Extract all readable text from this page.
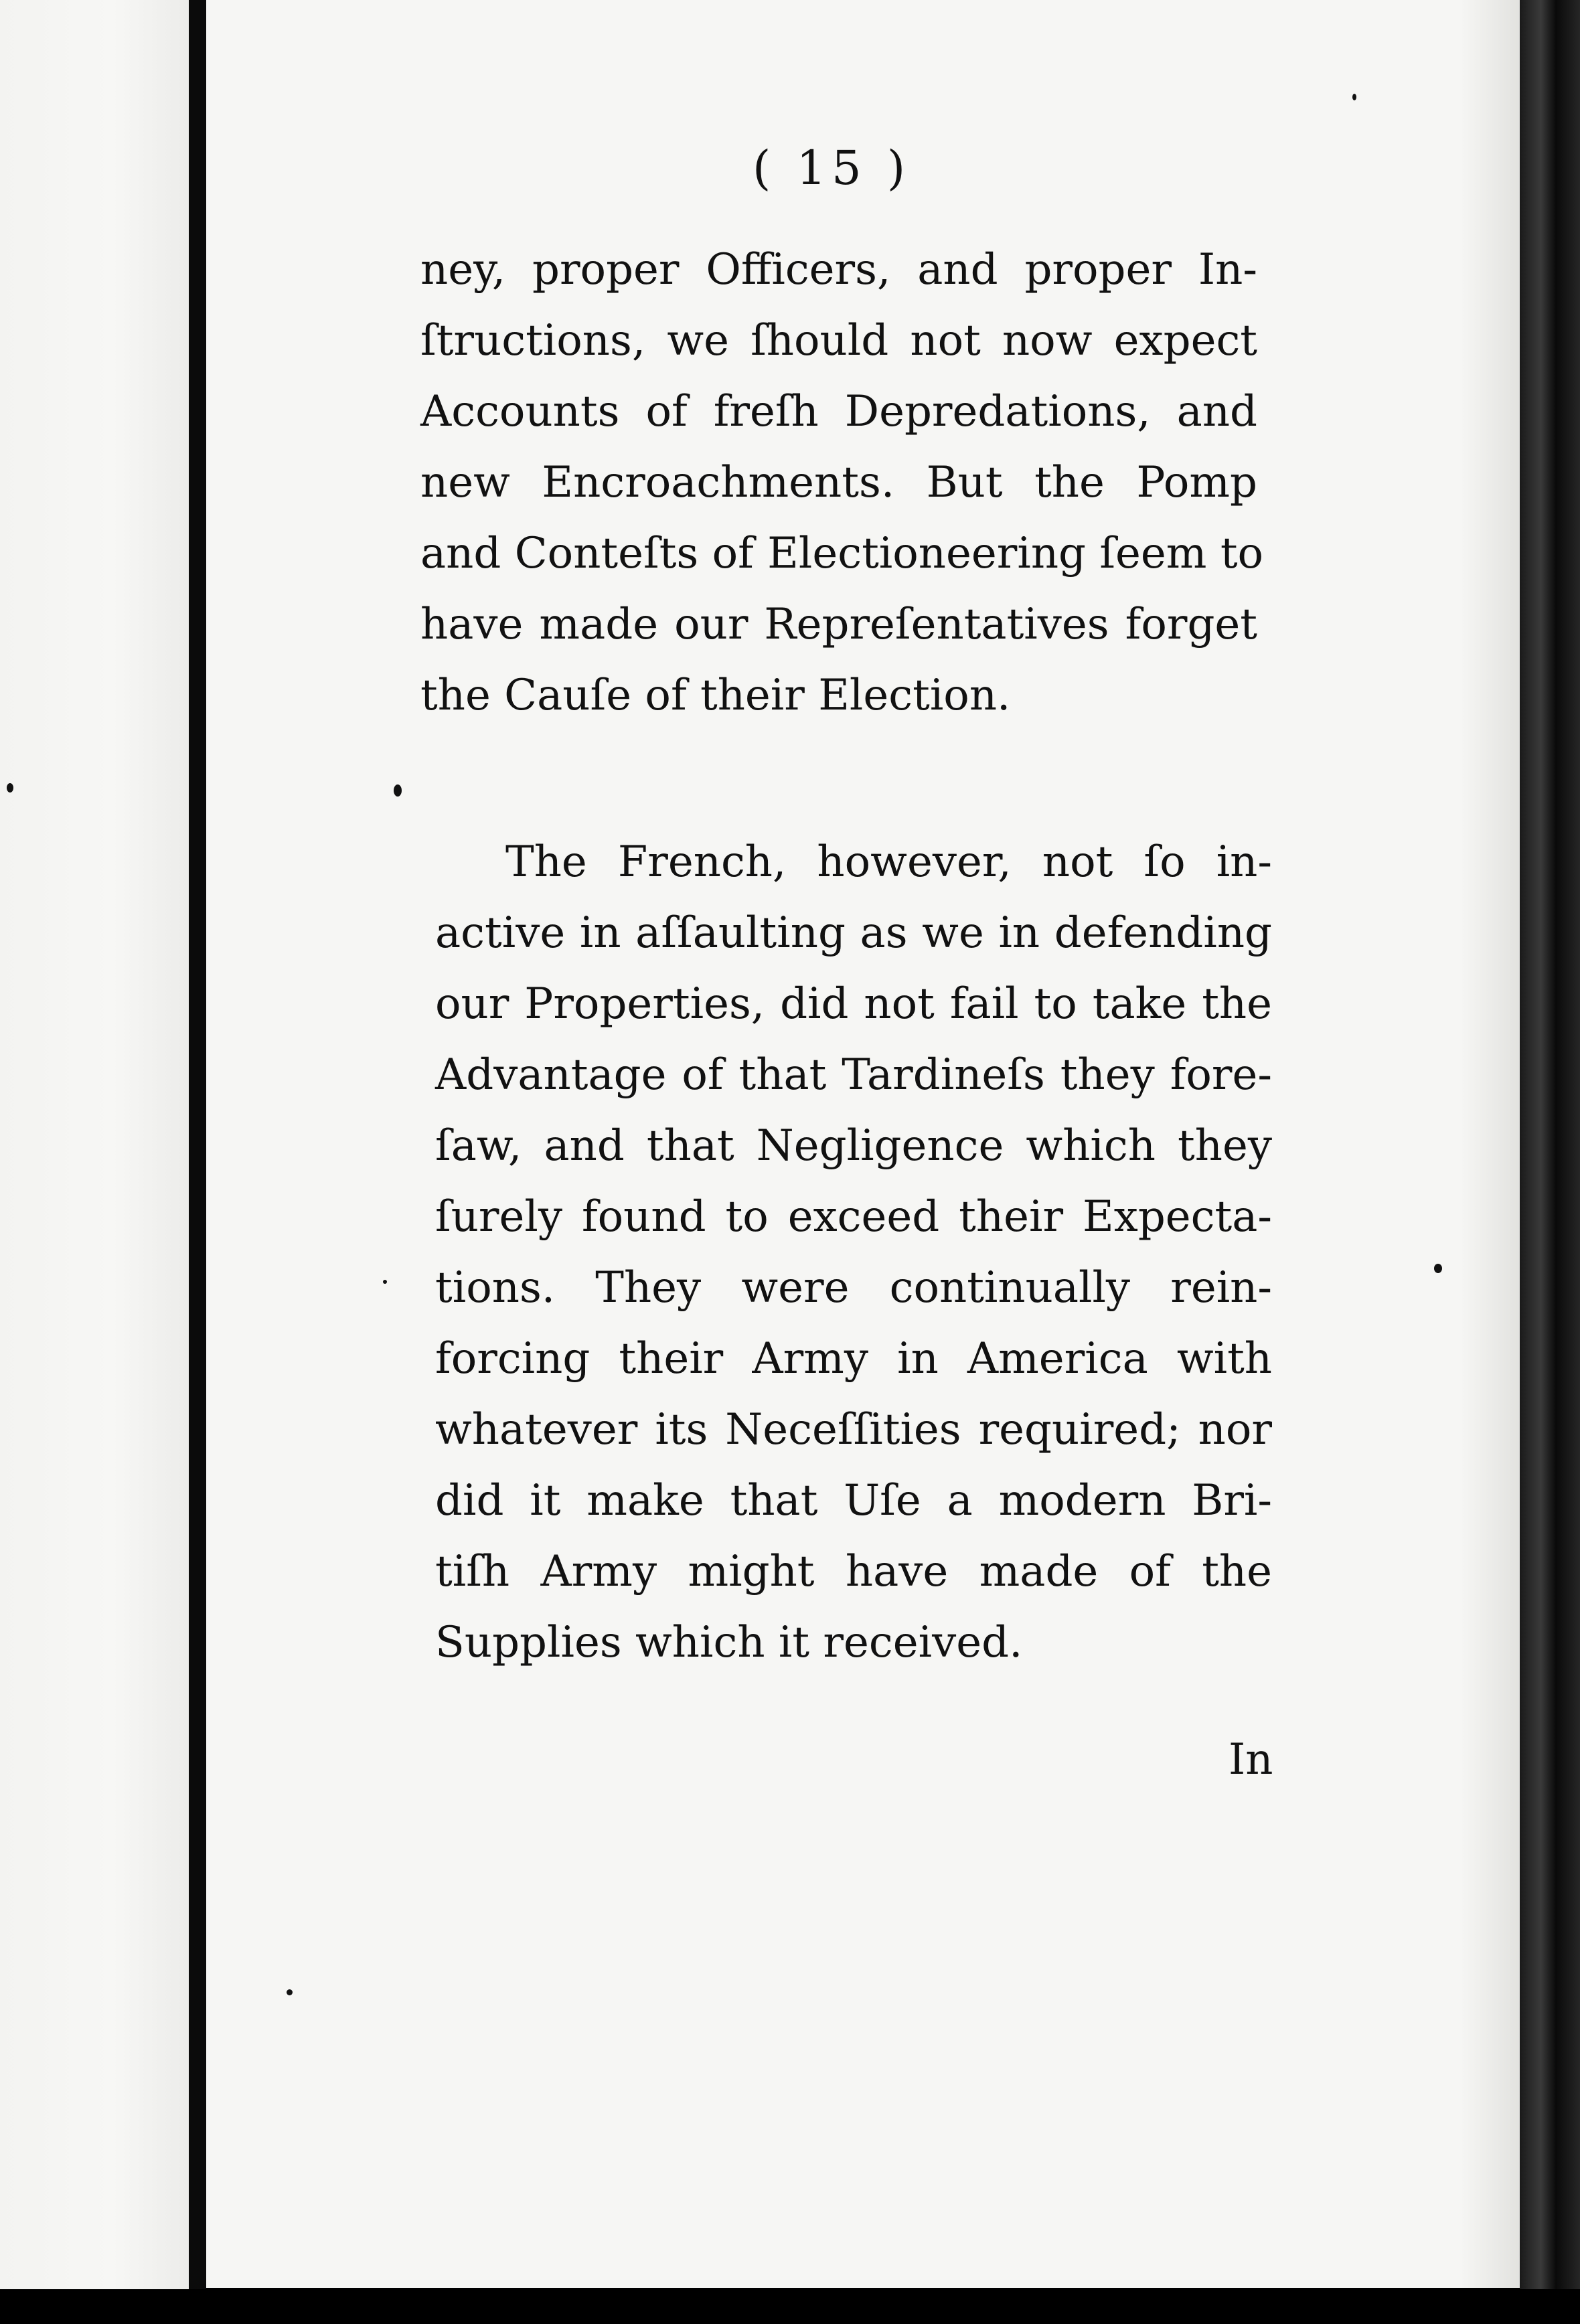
( 15 )
ney, proper Officers, and proper In-
ſtructions, we ſhould not now expect
Accounts of freſh Depredations, and
new Encroachments. But the Pomp
and Conteſts of Electioneering ſeem to
have made our Repreſentatives forget
the Cauſe of their Election.
The French, however, not ſo in-
active in aſſaulting as we in defending
our Properties, did not fail to take the
Advantage of that Tardineſs they fore-
ſaw, and that Negligence which they
ſurely found to exceed their Expecta-
tions. They were continually rein-
forcing their Army in America with
whatever its Neceſſities required; nor
did it make that Uſe a modern Bri-
tiſh Army might have made of the
Supplies which it received.
In
